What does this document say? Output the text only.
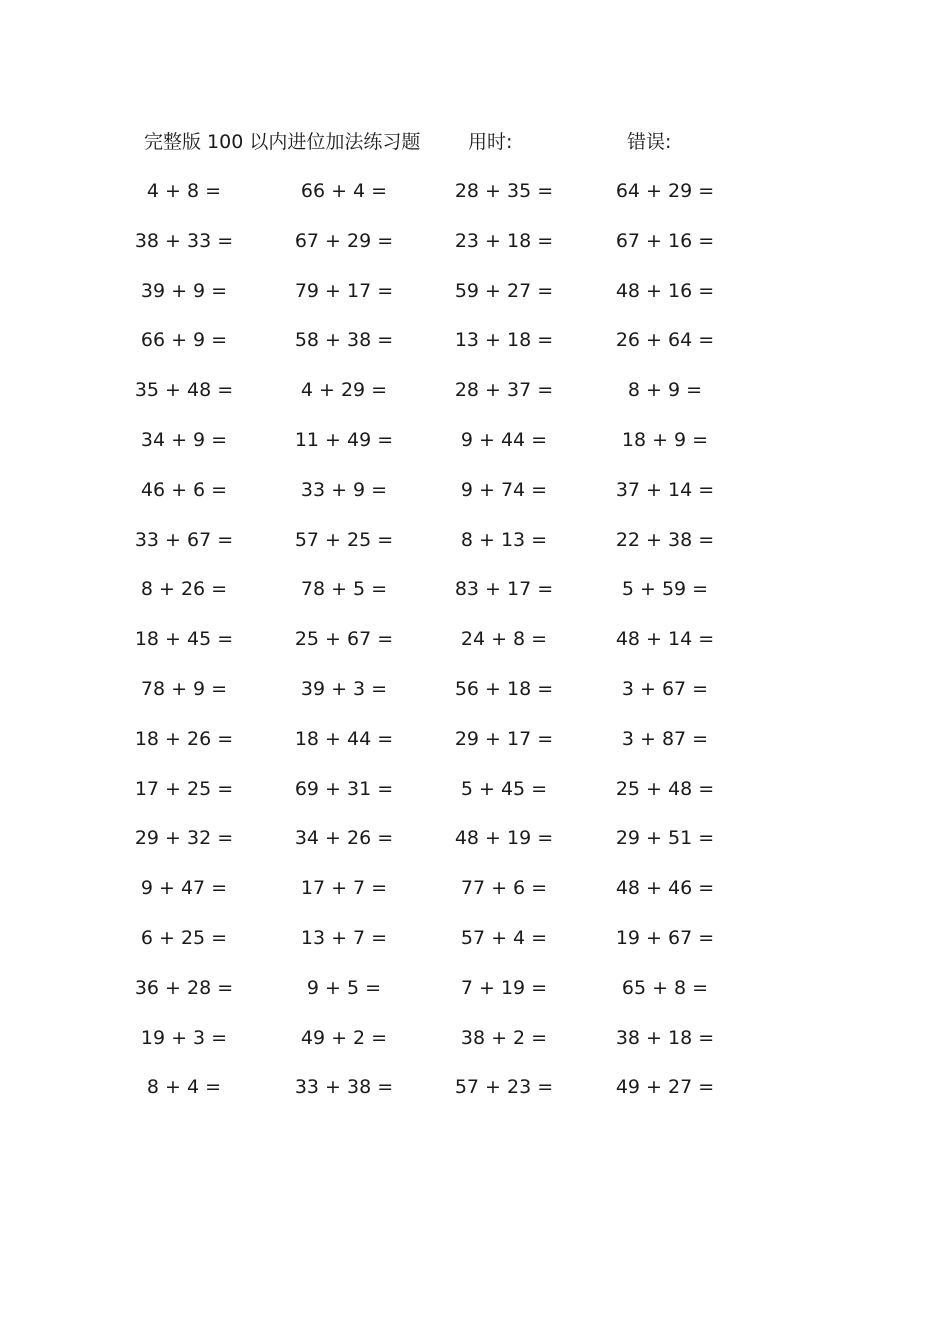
完整版 100 以内进位加法练习题	用时:	错误:
4 + 8 =	66 + 4 =	28 + 35 =	64 + 29 =
38 + 33 =	67 + 29 =	23 + 18 =	67 + 16 =
39 + 9 =	79 + 17 =	59 + 27 =	48 + 16 =
66 + 9 =	58 + 38 =	13 + 18 =	26 + 64 =
35 + 48 =	4 + 29 =	28 + 37 =	8 + 9 =
34 + 9 =	11 + 49 =	9 + 44 =	18 + 9 =
46 + 6 =	33 + 9 =	9 + 74 =	37 + 14 =
33 + 67 =	57 + 25 =	8 + 13 =	22 + 38 =
8 + 26 =	78 + 5 =	83 + 17 =	5 + 59 =
18 + 45 =	25 + 67 =	24 + 8 =	48 + 14 =
78 + 9 =	39 + 3 =	56 + 18 =	3 + 67 =
18 + 26 =	18 + 44 =	29 + 17 =	3 + 87 =
17 + 25 =	69 + 31 =	5 + 45 =	25 + 48 =
29 + 32 =	34 + 26 =	48 + 19 =	29 + 51 =
9 + 47 =	17 + 7 =	77 + 6 =	48 + 46 =
6 + 25 =	13 + 7 =	57 + 4 =	19 + 67 =
36 + 28 =	9 + 5 =	7 + 19 =	65 + 8 =
19 + 3 =	49 + 2 =	38 + 2 =	38 + 18 =
8 + 4 =	33 + 38 =	57 + 23 =	49 + 27 =
